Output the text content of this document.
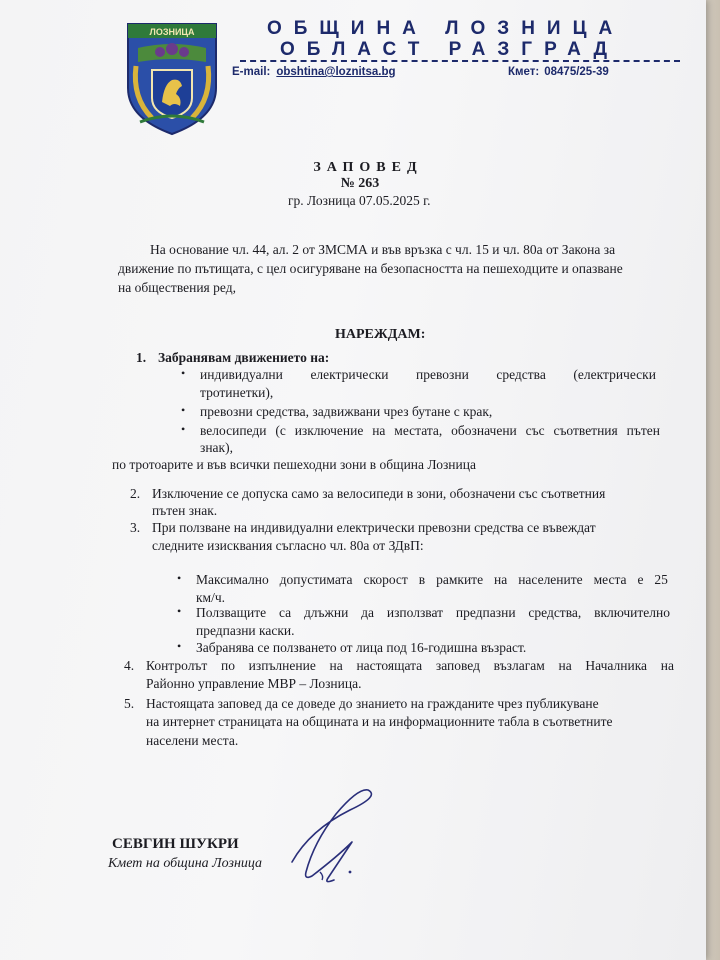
ЛОЗНИЦА	ОБЩИНА ЛОЗНИЦА
ОБЛАСТ РАЗГРАД
E-mail: obshtina@loznitsa.bg	Кмет: 08475/25-39
ЗАПОВЕД
№ 263
гр. Лозница 07.05.2025 г.
На основание чл. 44, ал. 2 от ЗМСМА и във връзка с чл. 15 и чл. 80а от Закона за
движение по пътищата, с цел осигуряване на безопасността на пешеходците и опазване
на обществения ред,
НАРЕЖДАМ:
1. Забранявам движението на:
• индивидуални електрически превозни средства (електрически
тротинетки),
• превозни средства, задвижвани чрез бутане с крак,
• велосипеди (с изключение на местата, обозначени със съответния пътен
знак),
по тротоарите и във всички пешеходни зони в община Лозница
2. Изключение се допуска само за велосипеди в зони, обозначени със съответния
пътен знак.
3. При ползване на индивидуални електрически превозни средства се въвеждат
следните изисквания съгласно чл. 80а от ЗДвП:
• Максимално допустимата скорост в рамките на населените места е 25
км/ч.
• Ползващите са длъжни да използват предпазни средства, включително
предпазни каски.
• Забранява се ползването от лица под 16-годишна възраст.
4. Контролът по изпълнение на настоящата заповед възлагам на Началника на
Районно управление МВР – Лозница.
5. Настоящата заповед да се доведе до знанието на гражданите чрез публикуване
на интернет страницата на общината и на информационните табла в съответните
населени места.
СЕВГИН ШУКРИ
Кмет на община Лозница
